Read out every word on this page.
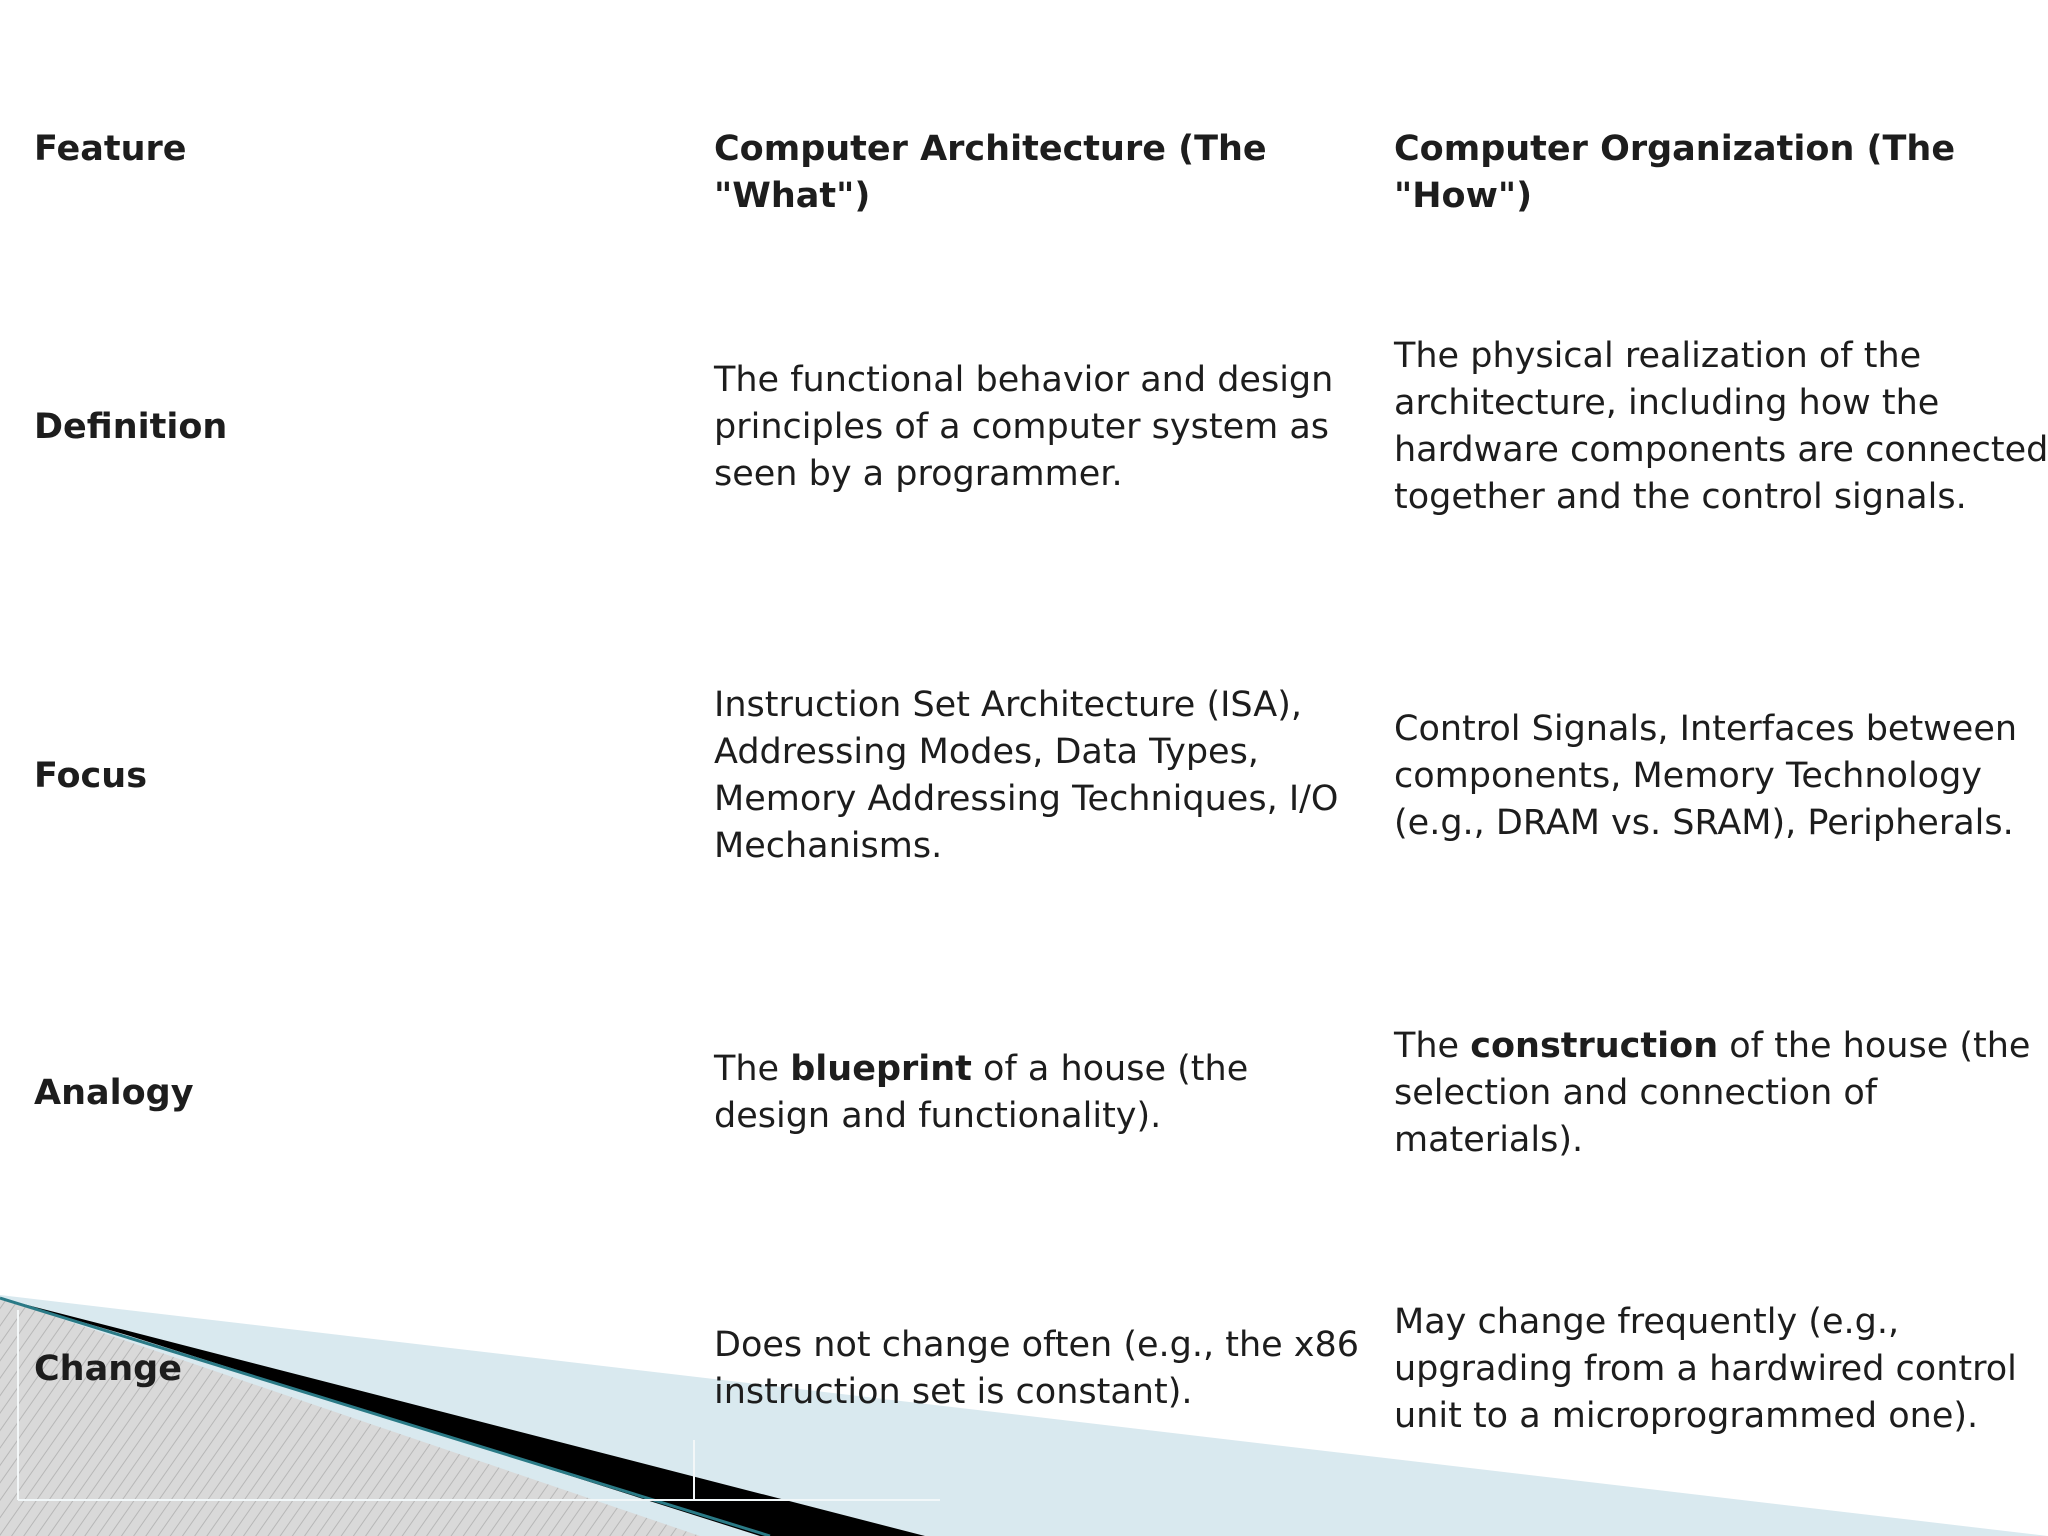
Feature	Computer Architecture (The "What")
Computer Organization (The "How")
Definition
The functional behavior and design principles of a computer system as seen by a programmer.
The physical realization of the architecture, including how the hardware components are connected together and the control signals.
Focus
Instruction Set Architecture (ISA), Addressing Modes, Data Types, Memory Addressing Techniques, I/O Mechanisms.
Control Signals, Interfaces between components, Memory Technology (e.g., DRAM vs. SRAM), Peripherals.
Analogy
The blueprint of a house (the design and functionality).
The construction of the house (the selection and connection of materials).
Change
Does not change often (e.g., the x86 instruction set is constant).
May change frequently (e.g., upgrading from a hardwired control unit to a microprogrammed one).
